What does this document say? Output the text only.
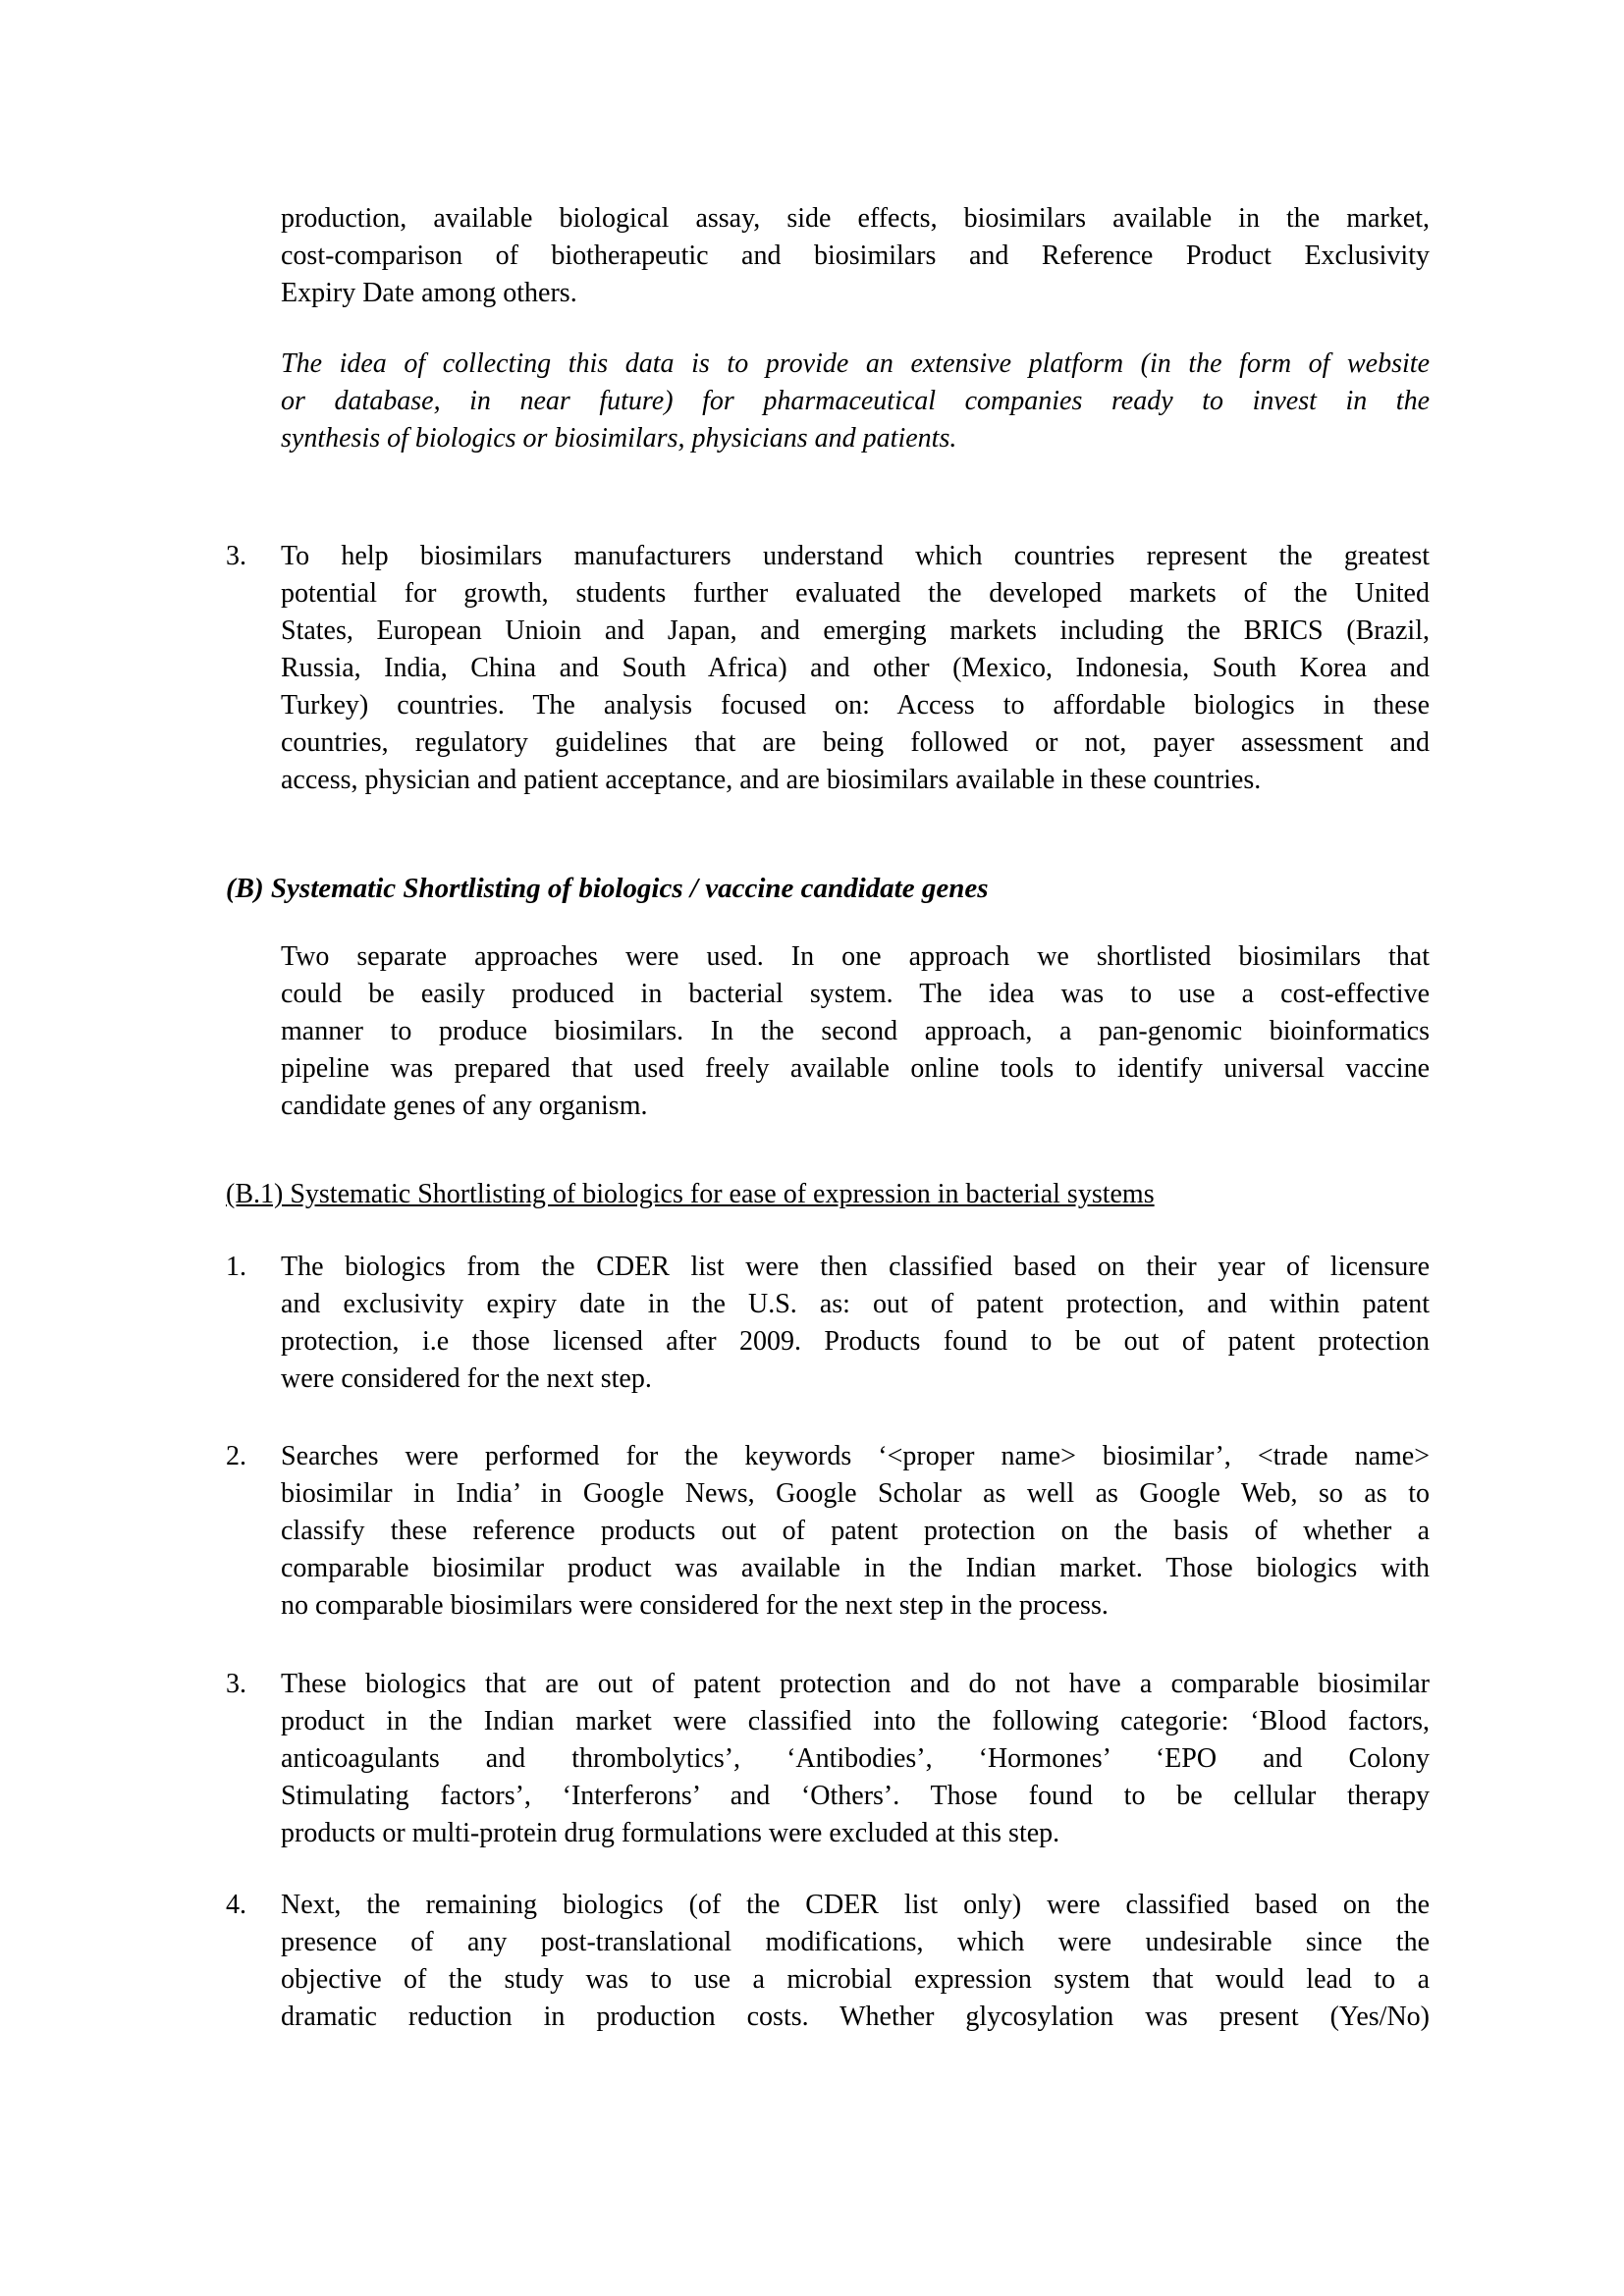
production, available biological assay, side effects, biosimilars available in the market,
cost-comparison of biotherapeutic and biosimilars and Reference Product Exclusivity
Expiry Date among others.
The idea of collecting this data is to provide an extensive platform (in the form of website
or database, in near future) for pharmaceutical companies ready to invest in the
synthesis of biologics or biosimilars, physicians and patients.
3.	To help biosimilars manufacturers understand which countries represent the greatest
potential for growth, students further evaluated the developed markets of the United
States, European Unioin and Japan, and emerging markets including the BRICS (Brazil,
Russia, India, China and South Africa) and other (Mexico, Indonesia, South Korea and
Turkey) countries. The analysis focused on: Access to affordable biologics in these
countries, regulatory guidelines that are being followed or not, payer assessment and
access, physician and patient acceptance, and are biosimilars available in these countries.
(B) Systematic Shortlisting of biologics / vaccine candidate genes
Two separate approaches were used. In one approach we shortlisted biosimilars that
could be easily produced in bacterial system. The idea was to use a cost-effective
manner to produce biosimilars. In the second approach, a pan-genomic bioinformatics
pipeline was prepared that used freely available online tools to identify universal vaccine
candidate genes of any organism.
(B.1) Systematic Shortlisting of biologics for ease of expression in bacterial systems
1.	The biologics from the CDER list were then classified based on their year of licensure
and exclusivity expiry date in the U.S. as: out of patent protection, and within patent
protection, i.e those licensed after 2009. Products found to be out of patent protection
were considered for the next step.
2.	Searches were performed for the keywords ‘<proper name> biosimilar’, <trade name>
biosimilar in India’ in Google News, Google Scholar as well as Google Web, so as to
classify these reference products out of patent protection on the basis of whether a
comparable biosimilar product was available in the Indian market. Those biologics with
no comparable biosimilars were considered for the next step in the process.
3.	These biologics that are out of patent protection and do not have a comparable biosimilar
product in the Indian market were classified into the following categorie: ‘Blood factors,
anticoagulants and thrombolytics’, ‘Antibodies’, ‘Hormones’ ‘EPO and Colony
Stimulating factors’, ‘Interferons’ and ‘Others’. Those found to be cellular therapy
products or multi-protein drug formulations were excluded at this step.
4.	Next, the remaining biologics (of the CDER list only) were classified based on the
presence of any post-translational modifications, which were undesirable since the
objective of the study was to use a microbial expression system that would lead to a
dramatic reduction in production costs. Whether glycosylation was present (Yes/No)
